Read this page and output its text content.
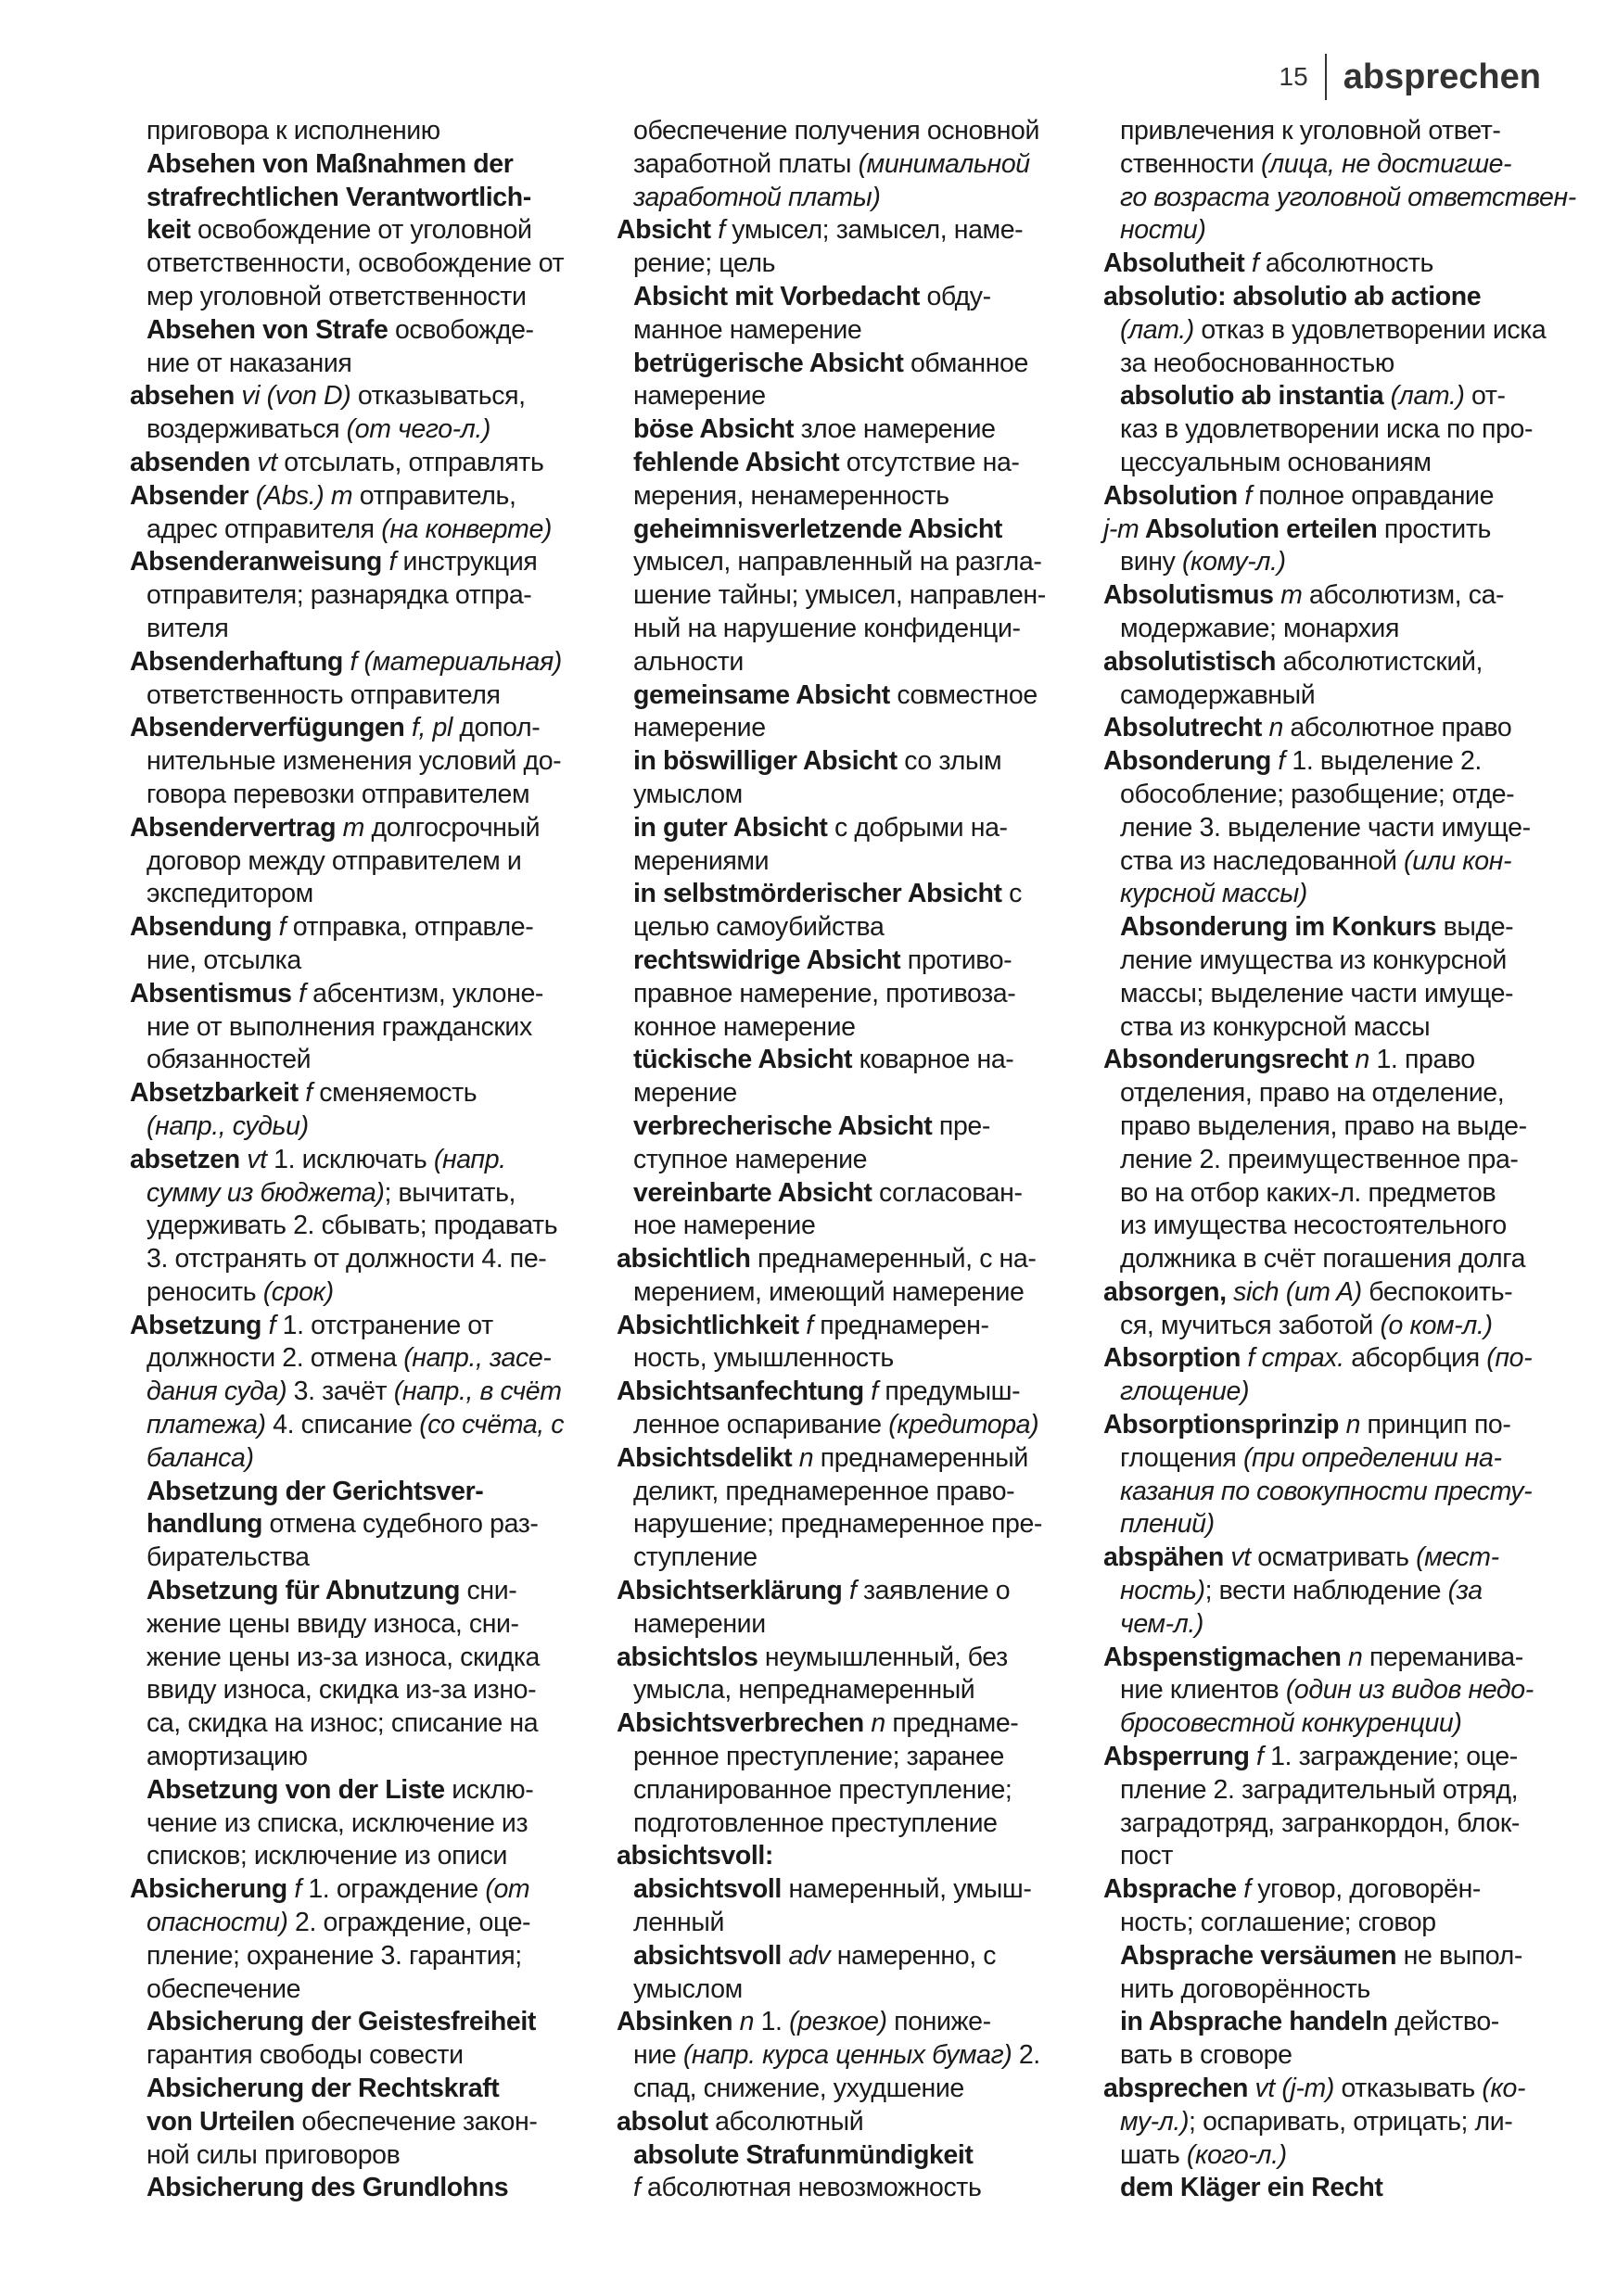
15 absprechen
приговора к исполнению
Absehen von Maßnahmen der
strafrechtlichen Verantwortlich-
keit освобождение от уголовной
ответственности, освобождение от
мер уголовной ответственности
Absehen von Strafe освобожде-
ние от наказания
absehen vi (von D) отказываться,
воздерживаться (от чего-л.)
absenden vt отсылать, отправлять
Absender (Abs.) m отправитель,
адрес отправителя (на конверте)
Absenderanweisung f инструкция
отправителя; разнарядка отпра-
вителя
Absenderhaftung f (материальная)
ответственность отправителя
Absenderverfügungen f, pl допол-
нительные изменения условий до-
говора перевозки отправителем
Absendervertrag m долгосрочный
договор между отправителем и
экспедитором
Absendung f отправка, отправле-
ние, отсылка
Absentismus f абсентизм, уклоне-
ние от выполнения гражданских
обязанностей
Absetzbarkeit f сменяемость
(напр., судьи)
absetzen vt 1. исключать (напр.
сумму из бюджета); вычитать,
удерживать 2. сбывать; продавать
3. отстранять от должности 4. пе-
реносить (срок)
Absetzung f 1. отстранение от
должности 2. отмена (напр., засе-
дания суда) 3. зачёт (напр., в счёт
платежа) 4. списание (со счёта, с
баланса)
Absetzung der Gerichtsver-
handlung отмена судебного раз-
бирательства
Absetzung für Abnutzung сни-
жение цены ввиду износа, сни-
жение цены из-за износа, скидка
ввиду износа, скидка из-за изно-
са, скидка на износ; списание на
амортизацию
Absetzung von der Liste исклю-
чение из списка, исключение из
списков; исключение из описи
Absicherung f 1. ограждение (от
опасности) 2. ограждение, оце-
пление; охранение 3. гарантия;
обеспечение
Absicherung der Geistesfreiheit
гарантия свободы совести
Absicherung der Rechtskraft
von Urteilen обеспечение закон-
ной силы приговоров
Absicherung des Grundlohns
обеспечение получения основной
заработной платы (минимальной
заработной платы)
Absicht f умысел; замысел, наме-
рение; цель
Absicht mit Vorbedacht обду-
манное намерение
betrügerische Absicht обманное
намерение
böse Absicht злое намерение
fehlende Absicht отсутствие на-
мерения, ненамеренность
geheimnisverletzende Absicht
умысел, направленный на разгла-
шение тайны; умысел, направлен-
ный на нарушение конфиденци-
альности
gemeinsame Absicht совместное
намерение
in böswilliger Absicht со злым
умыслом
in guter Absicht с добрыми на-
мерениями
in selbstmörderischer Absicht с
целью самоубийства
rechtswidrige Absicht противо-
правное намерение, противоза-
конное намерение
tückische Absicht коварное на-
мерение
verbrecherische Absicht пре-
ступное намерение
vereinbarte Absicht согласован-
ное намерение
absichtlich преднамеренный, с на-
мерением, имеющий намерение
Absichtlichkeit f преднамерен-
ность, умышленность
Absichtsanfechtung f предумыш-
ленное оспаривание (кредитора)
Absichtsdelikt n преднамеренный
деликт, преднамеренное право-
нарушение; преднамеренное пре-
ступление
Absichtserklärung f заявление о
намерении
absichtslos неумышленный, без
умысла, непреднамеренный
Absichtsverbrechen n преднаме-
ренное преступление; заранее
спланированное преступление;
подготовленное преступление
absichtsvoll:
absichtsvoll намеренный, умыш-
ленный
absichtsvoll adv намеренно, с
умыслом
Absinken n 1. (резкое) пониже-
ние (напр. курса ценных бумаг) 2.
спад, снижение, ухудшение
absolut абсолютный
absolute Strafunmündigkeit
f абсолютная невозможность
привлечения к уголовной ответ-
ственности (лица, не достигше-
го возраста уголовной ответствен-
ности)
Absolutheit f абсолютность
absolutio: absolutio ab actione
(лат.) отказ в удовлетворении иска
за необоснованностью
absolutio ab instantia (лат.) от-
каз в удовлетворении иска по про-
цессуальным основаниям
Absolution f полное оправдание
j-m Absolution erteilen простить
вину (кому-л.)
Absolutismus m абсолютизм, са-
модержавие; монархия
absolutistisch абсолютистский,
самодержавный
Absolutrecht n абсолютное право
Absonderung f 1. выделение 2.
обособление; разобщение; отде-
ление 3. выделение части имуще-
ства из наследованной (или кон-
курсной массы)
Absonderung im Konkurs выде-
ление имущества из конкурсной
массы; выделение части имуще-
ства из конкурсной массы
Absonderungsrecht n 1. право
отделения, право на отделение,
право выделения, право на выде-
ление 2. преимущественное пра-
во на отбор каких-л. предметов
из имущества несостоятельного
должника в счёт погашения долга
absorgen, sich (um A) беспокоить-
ся, мучиться заботой (о ком-л.)
Absorption f страх. абсорбция (по-
глощение)
Absorptionsprinzip n принцип по-
глощения (при определении на-
казания по совокупности престу-
плений)
abspähen vt осматривать (мест-
ность); вести наблюдение (за
чем-л.)
Abspenstigmachen n переманива-
ние клиентов (один из видов недо-
бросовестной конкуренции)
Absperrung f 1. заграждение; оце-
пление 2. заградительный отряд,
заградотряд, загранкордон, блок-
пост
Absprache f уговор, договорён-
ность; соглашение; сговор
Absprache versäumen не выпол-
нить договорённость
in Absprache handeln действо-
вать в сговоре
absprechen vt (j-m) отказывать (ко-
му-л.); оспаривать, отрицать; ли-
шать (кого-л.)
dem Kläger ein Recht
